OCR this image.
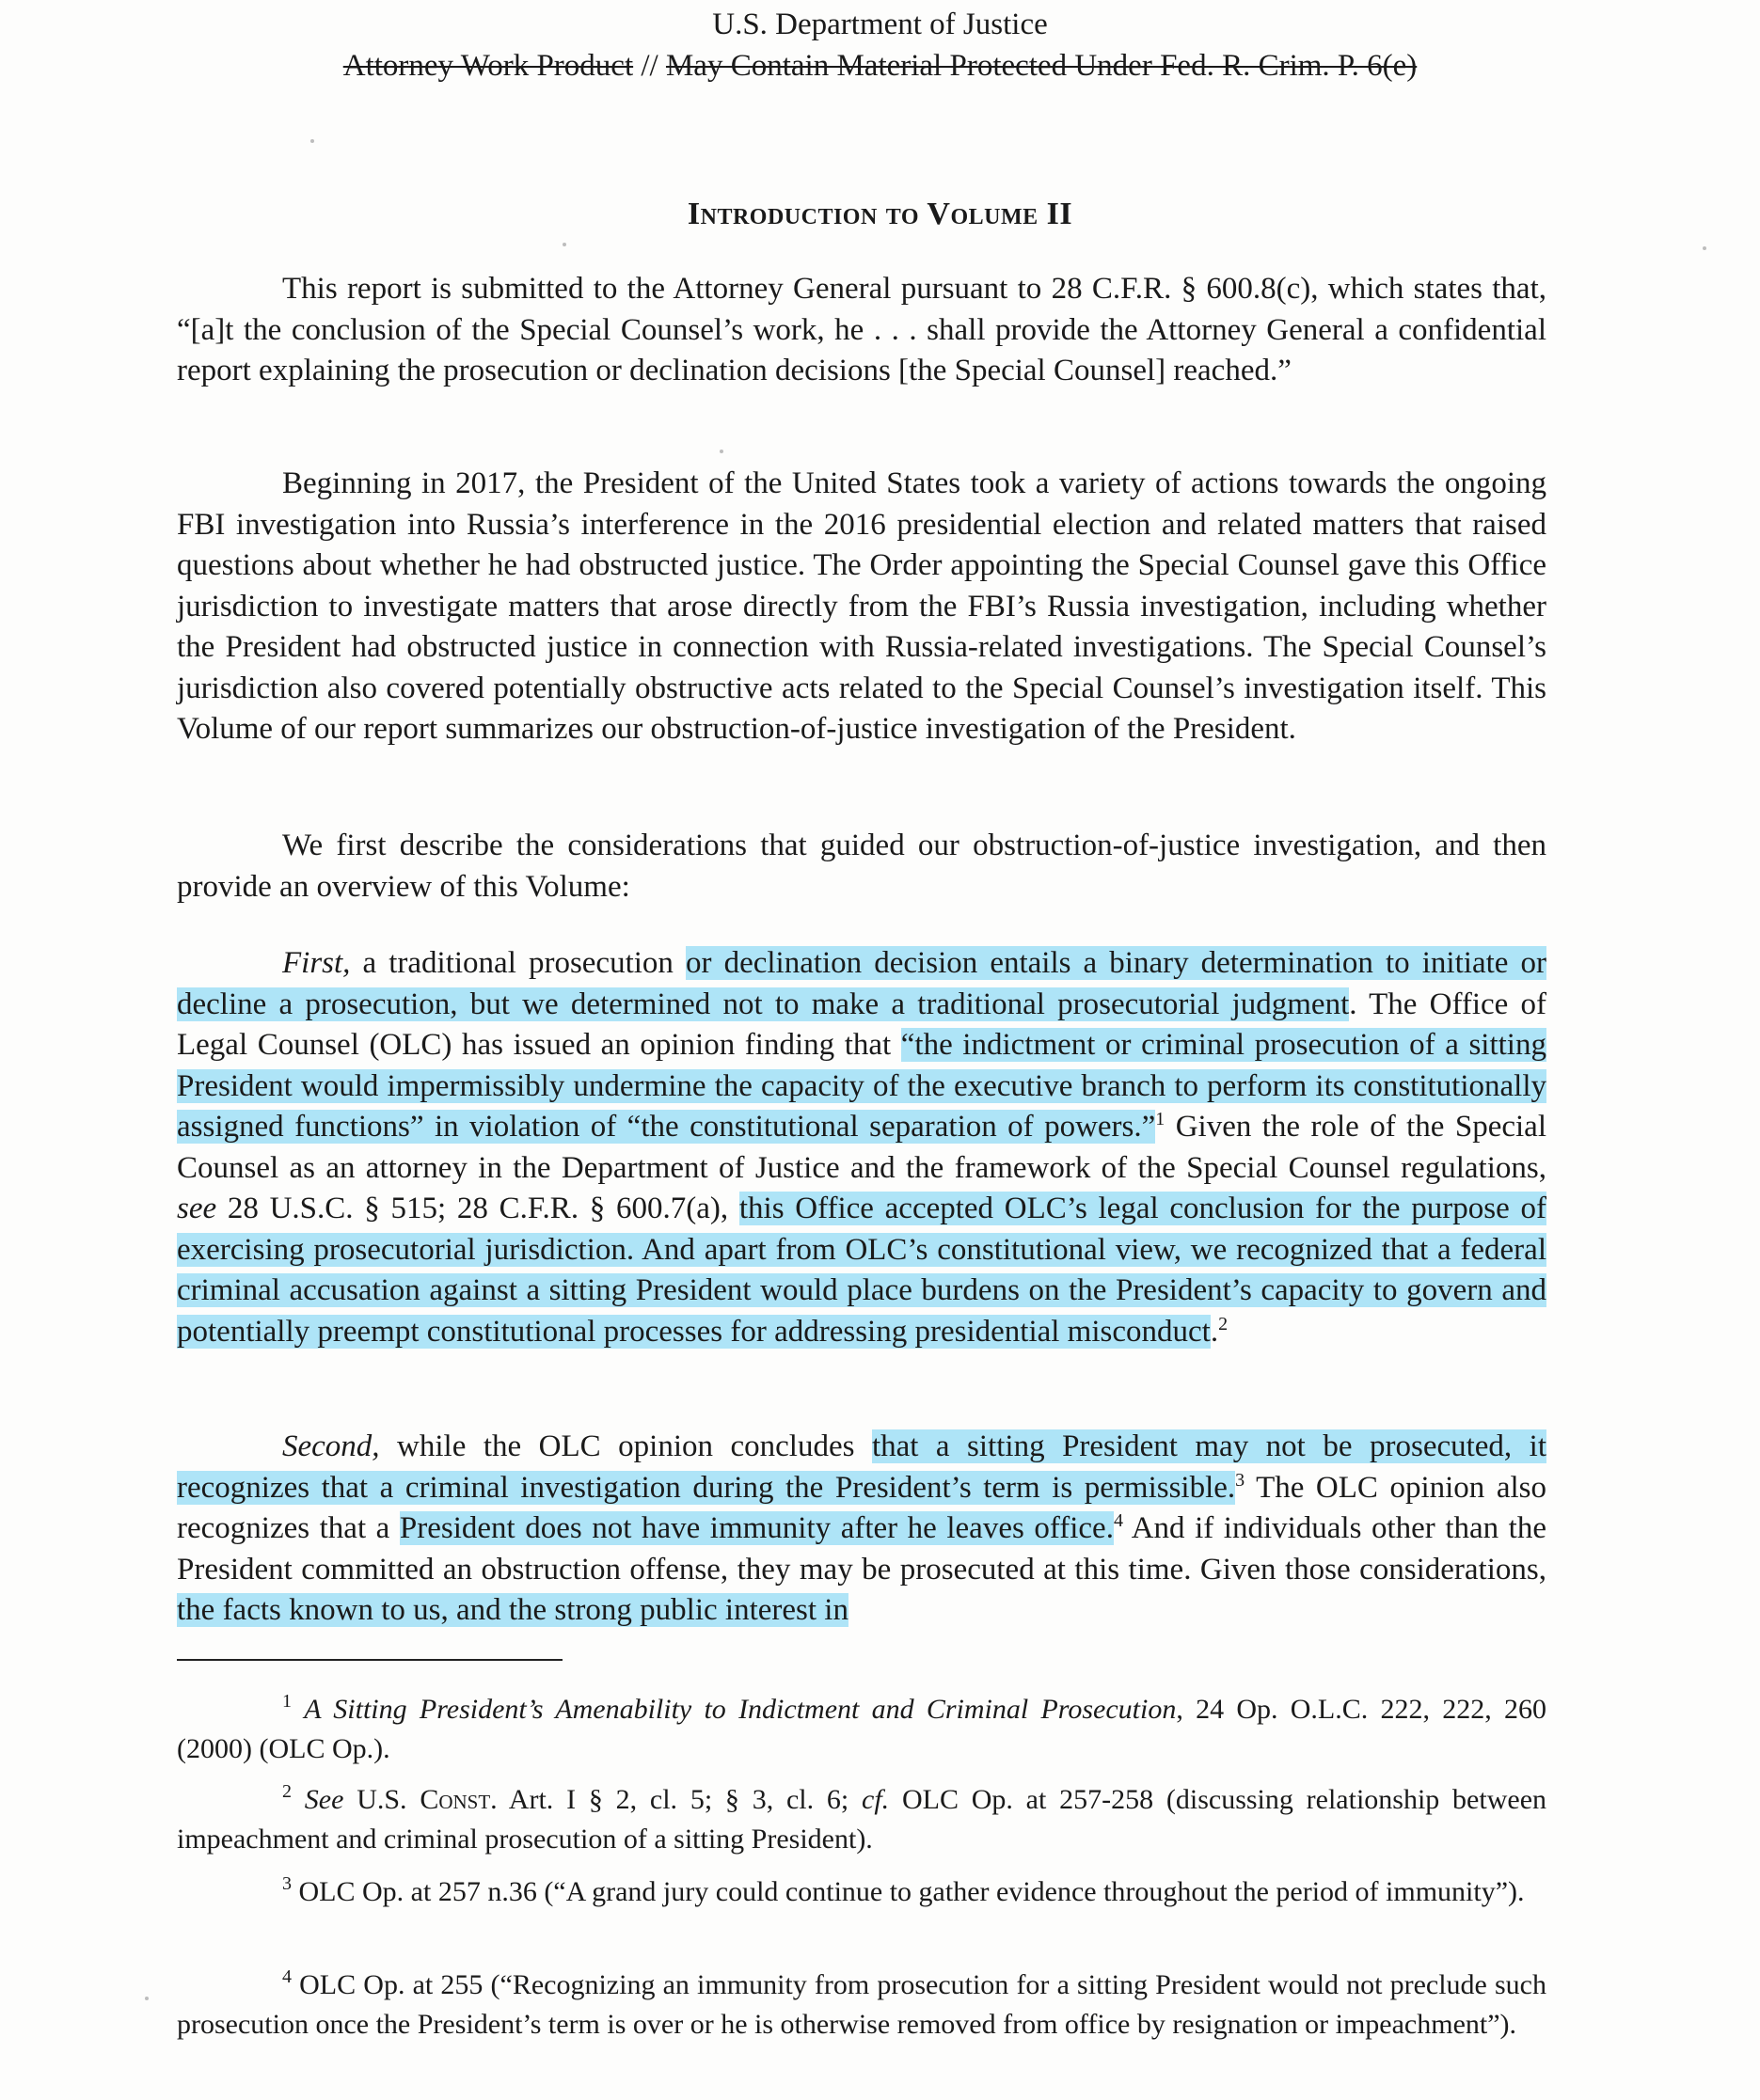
U.S. Department of Justice
Attorney Work Product // May Contain Material Protected Under Fed. R. Crim. P. 6(e)
Introduction to Volume II

This report is submitted to the Attorney General pursuant to 28 C.F.R. § 600.8(c), which states that, “[a]t the conclusion of the Special Counsel’s work, he . . . shall provide the Attorney General a confidential report explaining the prosecution or declination decisions [the Special Counsel] reached.”

Beginning in 2017, the President of the United States took a variety of actions towards the ongoing FBI investigation into Russia’s interference in the 2016 presidential election and related matters that raised questions about whether he had obstructed justice. The Order appointing the Special Counsel gave this Office jurisdiction to investigate matters that arose directly from the FBI’s Russia investigation, including whether the President had obstructed justice in connection with Russia-related investigations. The Special Counsel’s jurisdiction also covered potentially obstructive acts related to the Special Counsel’s investigation itself. This Volume of our report summarizes our obstruction-of-justice investigation of the President.

We first describe the considerations that guided our obstruction-of-justice investigation, and then provide an overview of this Volume:

First, a traditional prosecution or declination decision entails a binary determination to initiate or decline a prosecution, but we determined not to make a traditional prosecutorial judgment. The Office of Legal Counsel (OLC) has issued an opinion finding that “the indictment or criminal prosecution of a sitting President would impermissibly undermine the capacity of the executive branch to perform its constitutionally assigned functions” in violation of “the constitutional separation of powers.”$^1$ Given the role of the Special Counsel as an attorney in the Department of Justice and the framework of the Special Counsel regulations, see 28 U.S.C. § 515; 28 C.F.R. § 600.7(a), this Office accepted OLC’s legal conclusion for the purpose of exercising prosecutorial jurisdiction. And apart from OLC’s constitutional view, we recognized that a federal criminal accusation against a sitting President would place burdens on the President’s capacity to govern and potentially preempt constitutional processes for addressing presidential misconduct.$^2$

Second, while the OLC opinion concludes that a sitting President may not be prosecuted, it recognizes that a criminal investigation during the President’s term is permissible.$^3$ The OLC opinion also recognizes that a President does not have immunity after he leaves office.$^4$ And if individuals other than the President committed an obstruction offense, they may be prosecuted at this time. Given those considerations, the facts known to us, and the strong public interest in

$^1$ A Sitting President’s Amenability to Indictment and Criminal Prosecution, 24 Op. O.L.C. 222, 222, 260 (2000) (OLC Op.).

$^2$ See U.S. Const. Art. I § 2, cl. 5; § 3, cl. 6; cf. OLC Op. at 257-258 (discussing relationship between impeachment and criminal prosecution of a sitting President).

$^3$ OLC Op. at 257 n.36 (“A grand jury could continue to gather evidence throughout the period of immunity”).

$^4$ OLC Op. at 255 (“Recognizing an immunity from prosecution for a sitting President would not preclude such prosecution once the President’s term is over or he is otherwise removed from office by resignation or impeachment”).
